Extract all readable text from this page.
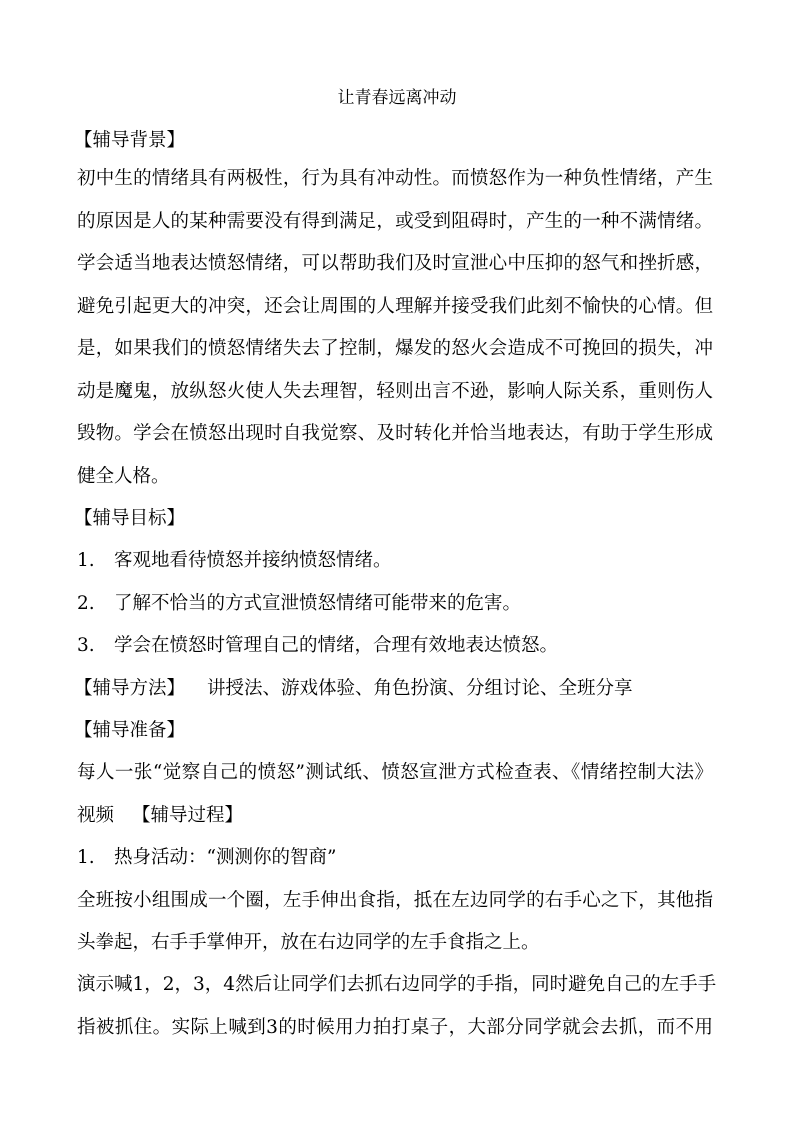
让青春远离冲动
【辅导背景】
初中生的情绪具有两极性，行为具有冲动性。而愤怒作为一种负性情绪，产生
的原因是人的某种需要没有得到满足，或受到阻碍时，产生的一种不满情绪。
学会适当地表达愤怒情绪，可以帮助我们及时宣泄心中压抑的怒气和挫折感，
避免引起更大的冲突，还会让周围的人理解并接受我们此刻不愉快的心情。但
是，如果我们的愤怒情绪失去了控制，爆发的怒火会造成不可挽回的损失，冲
动是魔鬼，放纵怒火使人失去理智，轻则出言不逊，影响人际关系，重则伤人
毁物。学会在愤怒出现时自我觉察、及时转化并恰当地表达，有助于学生形成
健全人格。
【辅导目标】
1. 客观地看待愤怒并接纳愤怒情绪。
2. 了解不恰当的方式宣泄愤怒情绪可能带来的危害。
3. 学会在愤怒时管理自己的情绪，合理有效地表达愤怒。
【辅导方法】 讲授法、游戏体验、角色扮演、分组讨论、全班分享
【辅导准备】
每人一张“觉察自己的愤怒”测试纸、愤怒宣泄方式检查表、《情绪控制大法》
视频 【辅导过程】
1. 热身活动：“测测你的智商”
全班按小组围成一个圈，左手伸出食指，抵在左边同学的右手心之下，其他指
头拳起，右手手掌伸开，放在右边同学的左手食指之上。
演示喊1，2，3，4然后让同学们去抓右边同学的手指，同时避免自己的左手手
指被抓住。实际上喊到3的时候用力拍打桌子，大部分同学就会去抓，而不用
